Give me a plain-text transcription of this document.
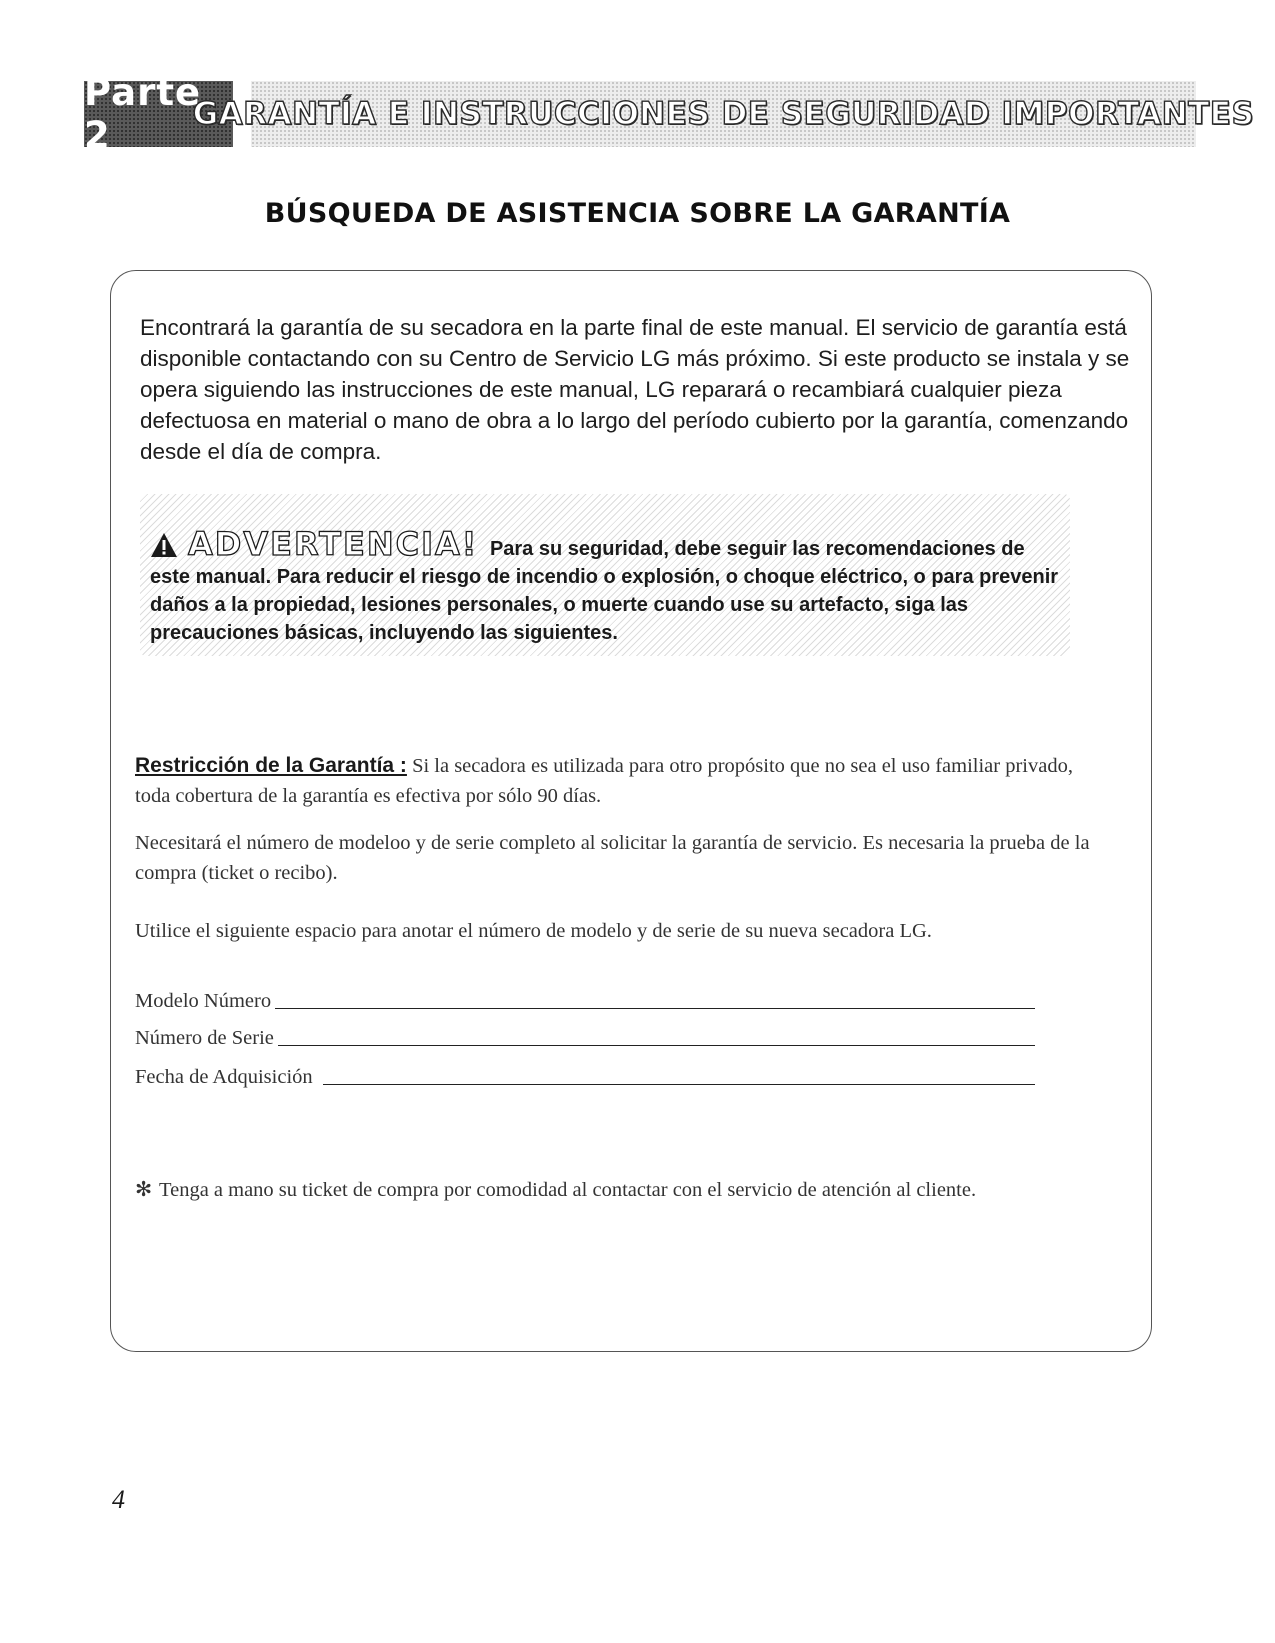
Parte 2	GARANTÍA E INSTRUCCIONES DE SEGURIDAD IMPORTANTES
BÚSQUEDA DE ASISTENCIA SOBRE LA GARANTÍA
Encontrará la garantía de su secadora en la parte final de este manual. El servicio de garantía está disponible contactando con su Centro de Servicio LG más próximo. Si este producto se instala y se opera siguiendo las instrucciones de este manual, LG reparará o recambiará cualquier pieza defectuosa en material o mano de obra a lo largo del período cubierto por la garantía, comenzando desde el día de compra.
ADVERTENCIA! Para su seguridad, debe seguir las recomendaciones de este manual. Para reducir el riesgo de incendio o explosión, o choque eléctrico, o para prevenir daños a la propiedad, lesiones personales, o muerte cuando use su artefacto, siga las precauciones básicas, incluyendo las siguientes.
Restricción de la Garantía : Si la secadora es utilizada para otro propósito que no sea el uso familiar privado, toda cobertura de la garantía es efectiva por sólo 90 días.
Necesitará el número de modeloo y de serie completo al solicitar la garantía de servicio. Es necesaria la prueba de la compra (ticket o recibo).
Utilice el siguiente espacio para anotar el número de modelo y de serie de su nueva secadora LG.
Modelo Número
Número de Serie
Fecha de Adquisición
✻ Tenga a mano su ticket de compra por comodidad al contactar con el servicio de atención al cliente.
4
